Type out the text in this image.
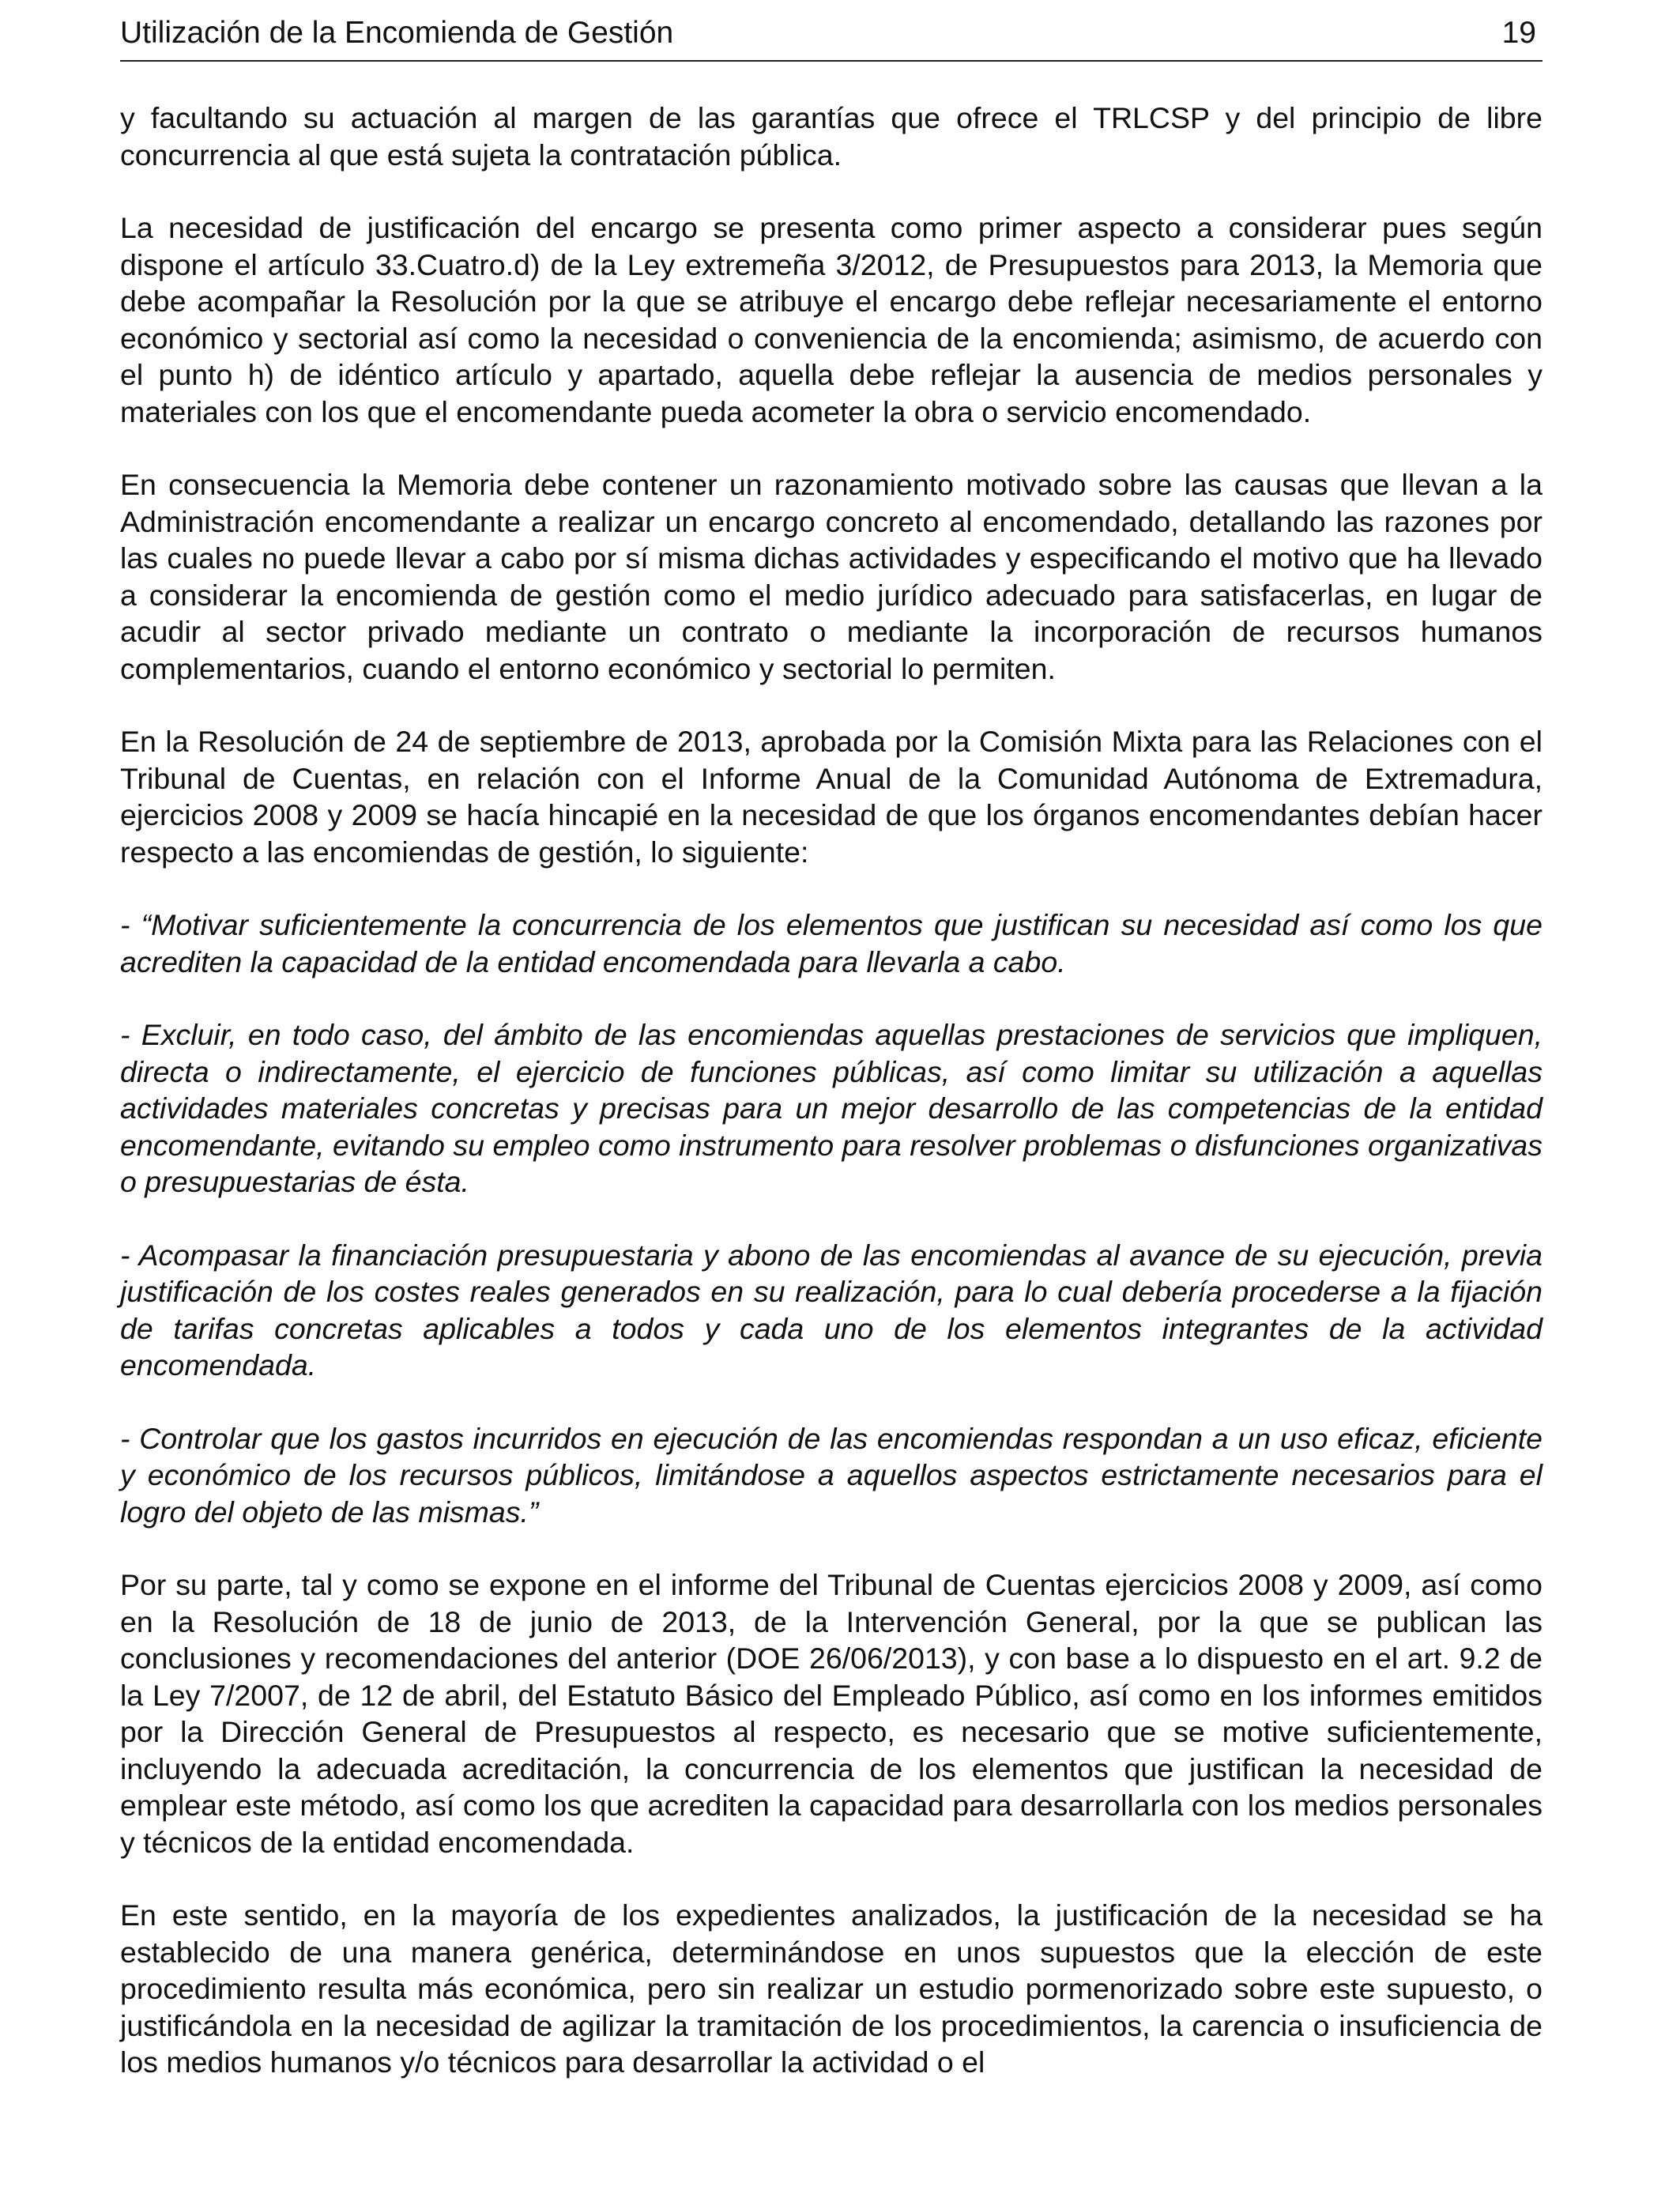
Utilización de la Encomienda de Gestión	19

y facultando su actuación al margen de las garantías que ofrece el TRLCSP y del principio de libre concurrencia al que está sujeta la contratación pública.

La necesidad de justificación del encargo se presenta como primer aspecto a considerar pues según dispone el artículo 33.Cuatro.d) de la Ley extremeña 3/2012, de Presupuestos para 2013, la Memoria que debe acompañar la Resolución por la que se atribuye el encargo debe reflejar necesariamente el entorno económico y sectorial así como la necesidad o conveniencia de la encomienda; asimismo, de acuerdo con el punto h) de idéntico artículo y apartado, aquella debe reflejar la ausencia de medios personales y materiales con los que el encomendante pueda acometer la obra o servicio encomendado.

En consecuencia la Memoria debe contener un razonamiento motivado sobre las causas que llevan a la Administración encomendante a realizar un encargo concreto al encomendado, detallando las razones por las cuales no puede llevar a cabo por sí misma dichas actividades y especificando el motivo que ha llevado a considerar la encomienda de gestión como el medio jurídico adecuado para satisfacerlas, en lugar de acudir al sector privado mediante un contrato o mediante la incorporación de recursos humanos complementarios, cuando el entorno económico y sectorial lo permiten.

En la Resolución de 24 de septiembre de 2013, aprobada por la Comisión Mixta para las Relaciones con el Tribunal de Cuentas, en relación con el Informe Anual de la Comunidad Autónoma de Extremadura, ejercicios 2008 y 2009 se hacía hincapié en la necesidad de que los órganos encomendantes debían hacer respecto a las encomiendas de gestión, lo siguiente:

- “Motivar suficientemente la concurrencia de los elementos que justifican su necesidad así como los que acrediten la capacidad de la entidad encomendada para llevarla a cabo.

- Excluir, en todo caso, del ámbito de las encomiendas aquellas prestaciones de servicios que impliquen, directa o indirectamente, el ejercicio de funciones públicas, así como limitar su utilización a aquellas actividades materiales concretas y precisas para un mejor desarrollo de las competencias de la entidad encomendante, evitando su empleo como instrumento para resolver problemas o disfunciones organizativas o presupuestarias de ésta.

- Acompasar la financiación presupuestaria y abono de las encomiendas al avance de su ejecución, previa justificación de los costes reales generados en su realización, para lo cual debería procederse a la fijación de tarifas concretas aplicables a todos y cada uno de los elementos integrantes de la actividad encomendada.

- Controlar que los gastos incurridos en ejecución de las encomiendas respondan a un uso eficaz, eficiente y económico de los recursos públicos, limitándose a aquellos aspectos estrictamente necesarios para el logro del objeto de las mismas.”

Por su parte, tal y como se expone en el informe del Tribunal de Cuentas ejercicios 2008 y 2009, así como en la Resolución de 18 de junio de 2013, de la Intervención General, por la que se publican las conclusiones y recomendaciones del anterior (DOE 26/06/2013), y con base a lo dispuesto en el art. 9.2 de la Ley 7/2007, de 12 de abril, del Estatuto Básico del Empleado Público, así como en los informes emitidos por la Dirección General de Presupuestos al respecto, es necesario que se motive suficientemente, incluyendo la adecuada acreditación, la concurrencia de los elementos que justifican la necesidad de emplear este método, así como los que acrediten la capacidad para desarrollarla con los medios personales y técnicos de la entidad encomendada.

En este sentido, en la mayoría de los expedientes analizados, la justificación de la necesidad se ha establecido de una manera genérica, determinándose en unos supuestos que la elección de este procedimiento resulta más económica, pero sin realizar un estudio pormenorizado sobre este supuesto, o justificándola en la necesidad de agilizar la tramitación de los procedimientos, la carencia o insuficiencia de los medios humanos y/o técnicos para desarrollar la actividad o el
